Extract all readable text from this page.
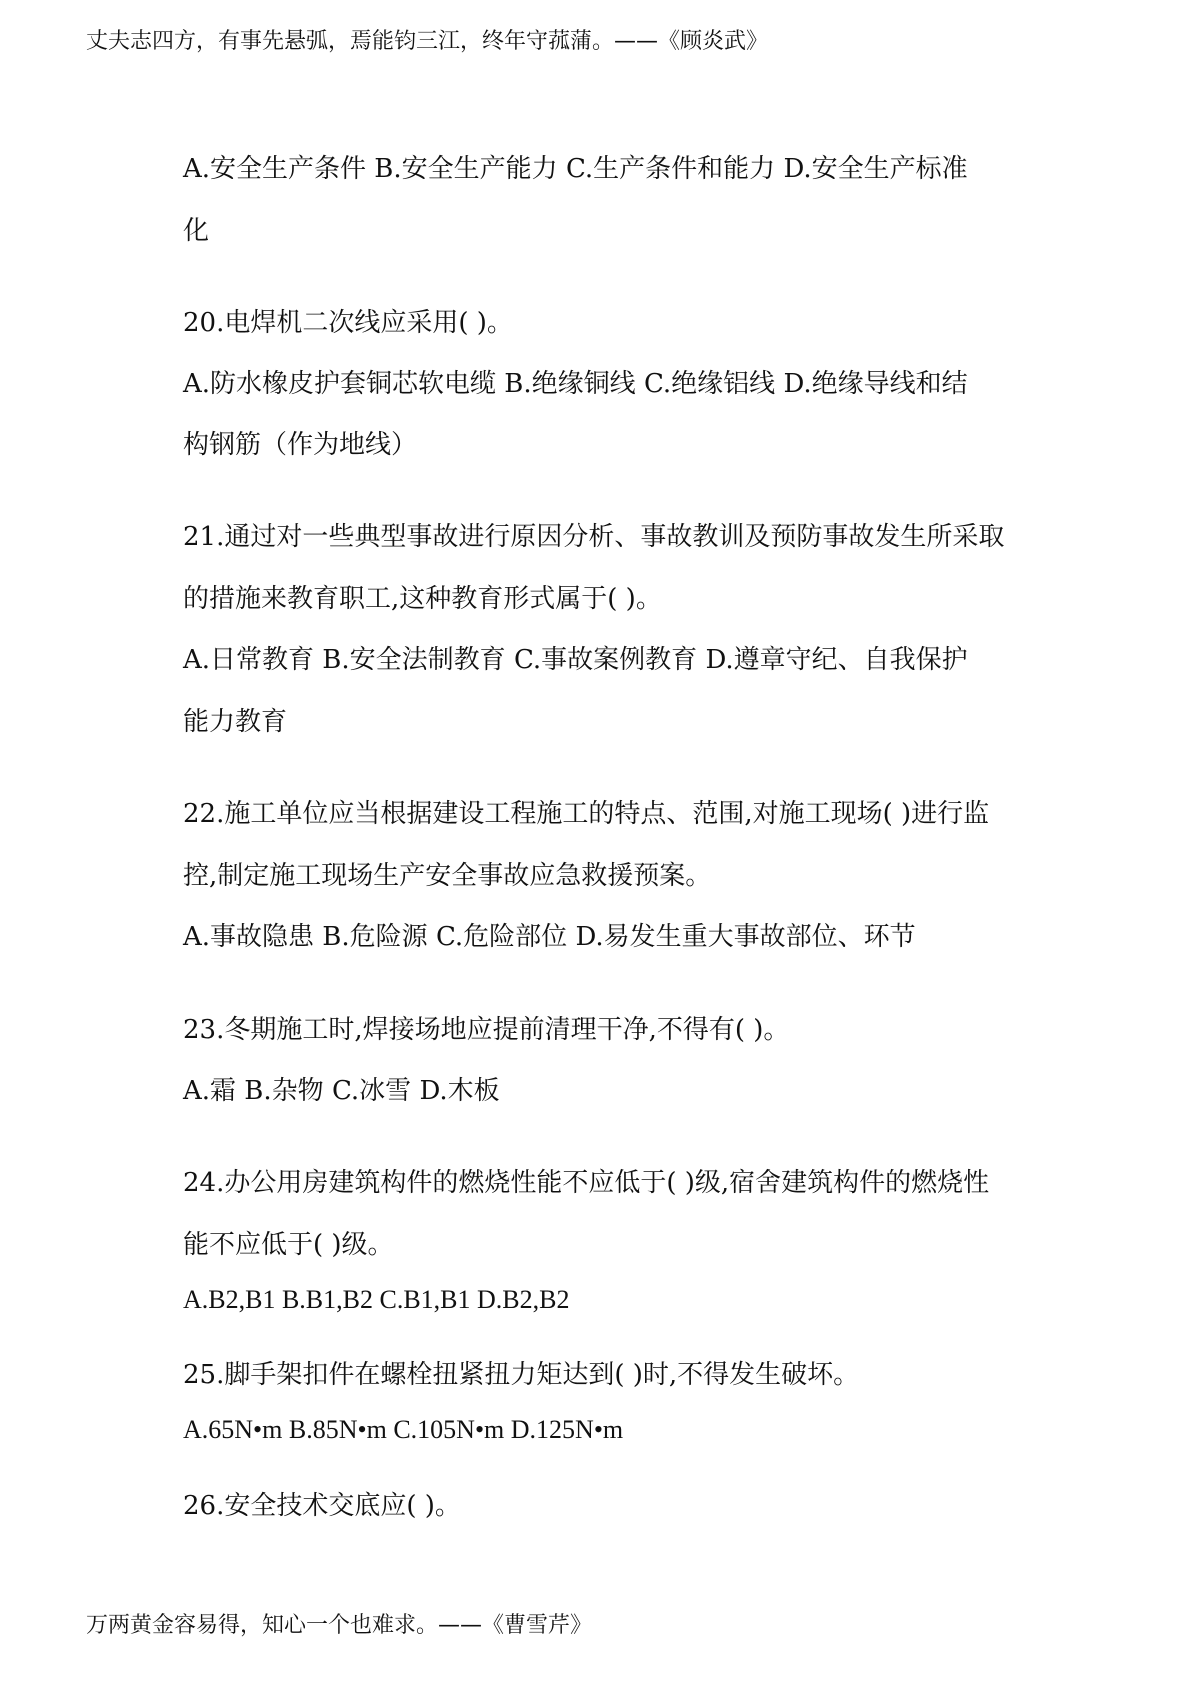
丈夫志四方，有事先悬弧，焉能钧三江，终年守菰蒲。——《顾炎武》
A.安全生产条件 B.安全生产能力 C.生产条件和能力 D.安全生产标准
化
20.电焊机二次线应采用( )。
A.防水橡皮护套铜芯软电缆 B.绝缘铜线 C.绝缘铝线 D.绝缘导线和结
构钢筋（作为地线）
21.通过对一些典型事故进行原因分析、事故教训及预防事故发生所采取
的措施来教育职工,这种教育形式属于( )。
A.日常教育 B.安全法制教育 C.事故案例教育 D.遵章守纪、自我保护
能力教育
22.施工单位应当根据建设工程施工的特点、范围,对施工现场( )进行监
控,制定施工现场生产安全事故应急救援预案。
A.事故隐患 B.危险源 C.危险部位 D.易发生重大事故部位、环节
23.冬期施工时,焊接场地应提前清理干净,不得有( )。
A.霜 B.杂物 C.冰雪 D.木板
24.办公用房建筑构件的燃烧性能不应低于( )级,宿舍建筑构件的燃烧性
能不应低于( )级。
A.B2,B1 B.B1,B2 C.B1,B1 D.B2,B2
25.脚手架扣件在螺栓扭紧扭力矩达到( )时,不得发生破坏。
A.65N•m B.85N•m C.105N•m D.125N•m
26.安全技术交底应( )。
万两黄金容易得，知心一个也难求。——《曹雪芹》
